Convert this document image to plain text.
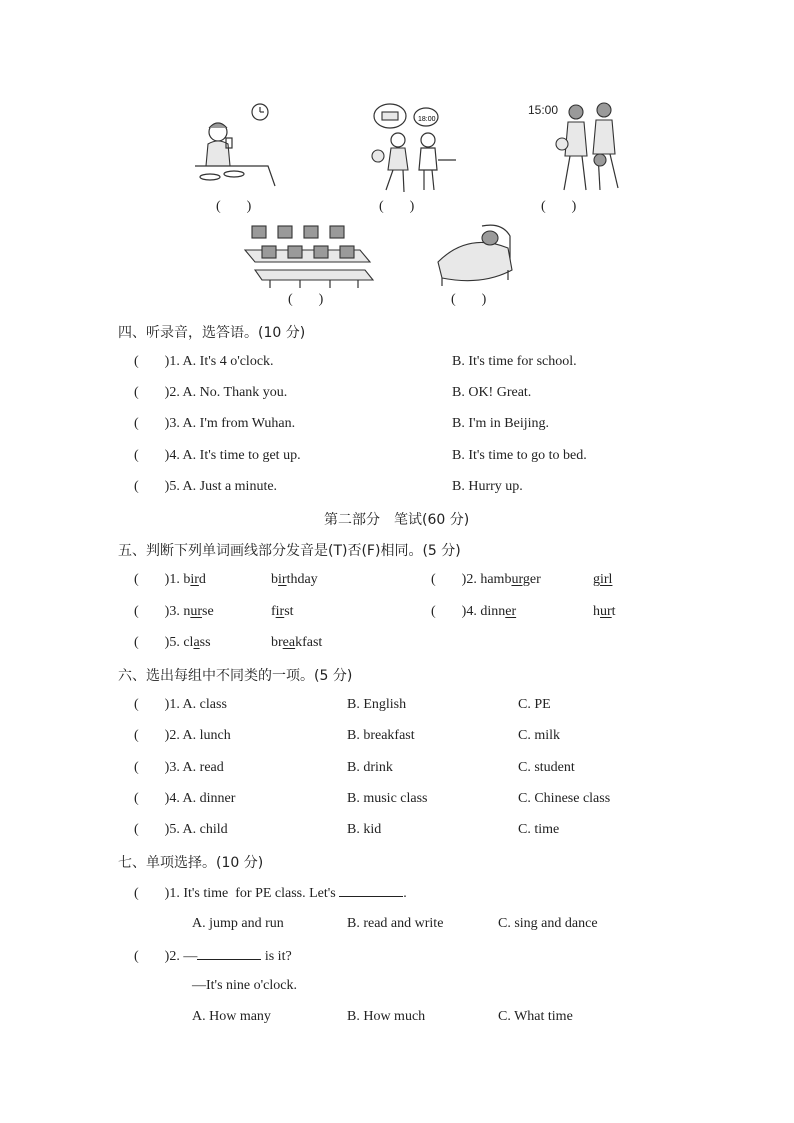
18:00
15:00
( )	( )	( )
( )	( )
四、听录音，选答语。(10 分)
( )1. A. It's 4 o'clock.	B. It's time for school.
( )2. A. No. Thank you.	B. OK! Great.
( )3. A. I'm from Wuhan.	B. I'm in Beijing.
( )4. A. It's time to get up.	B. It's time to go to bed.
( )5. A. Just a minute.	B. Hurry up.
第二部分　笔试(60 分)
五、判断下列单词画线部分发音是(T)否(F)相同。(5 分)
( )1. bird	birthday	( )2. hamburger	girl
( )3. nurse	first	( )4. dinner	hurt
( )5. class	breakfast
六、选出每组中不同类的一项。(5 分)
( )1. A. class	B. English	C. PE
( )2. A. lunch	B. breakfast	C. milk
( )3. A. read	B. drink	C. student
( )4. A. dinner	B. music class	C. Chinese class
( )5. A. child	B. kid	C. time
七、单项选择。(10 分)
( )1. It's time  for PE class. Let's	.
A. jump and run	B. read and write	C. sing and dance
( )2. —	is it?
—It's nine o'clock.
A. How many	B. How much	C. What time
